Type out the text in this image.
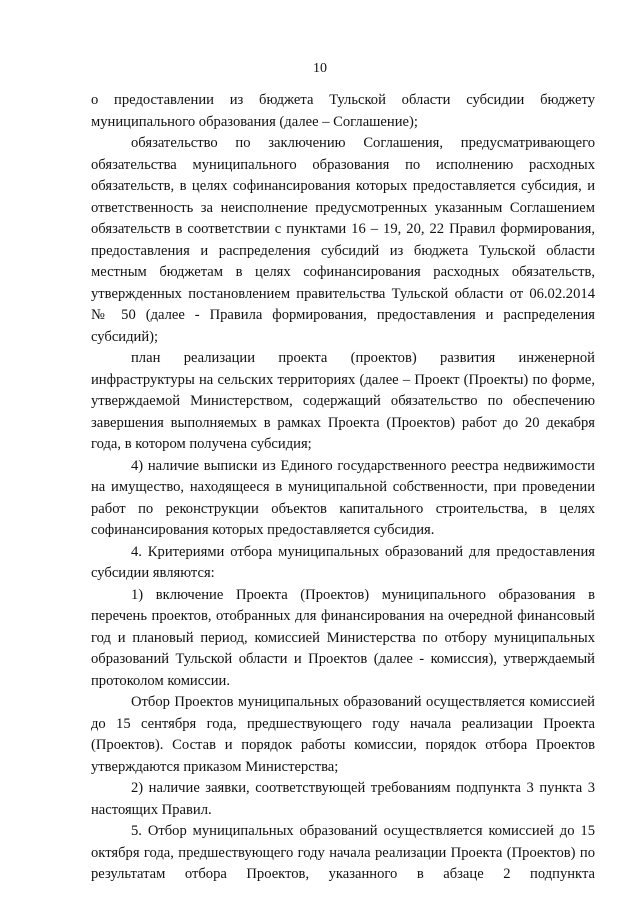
10

о предоставлении из бюджета Тульской области субсидии бюджету муниципального образования (далее – Соглашение);

обязательство по заключению Соглашения, предусматривающего обязательства муниципального образования по исполнению расходных обязательств, в целях софинансирования которых предоставляется субсидия, и ответственность за неисполнение предусмотренных указанным Соглашением обязательств в соответствии с пунктами 16 – 19, 20, 22 Правил формирования, предоставления и распределения субсидий из бюджета Тульской области местным бюджетам в целях софинансирования расходных обязательств, утвержденных постановлением правительства Тульской области от 06.02.2014 № 50 (далее - Правила формирования, предоставления и распределения субсидий);

план реализации проекта (проектов) развития инженерной инфраструктуры на сельских территориях (далее – Проект (Проекты) по форме, утверждаемой Министерством, содержащий обязательство по обеспечению завершения выполняемых в рамках Проекта (Проектов) работ до 20 декабря года, в котором получена субсидия;

4) наличие выписки из Единого государственного реестра недвижимости на имущество, находящееся в муниципальной собственности, при проведении работ по реконструкции объектов капитального строительства, в целях софинансирования которых предоставляется субсидия.

4. Критериями отбора муниципальных образований для предоставления субсидии являются:

1) включение Проекта (Проектов) муниципального образования в перечень проектов, отобранных для финансирования на очередной финансовый год и плановый период, комиссией Министерства по отбору муниципальных образований Тульской области и Проектов (далее - комиссия), утверждаемый протоколом комиссии.

Отбор Проектов муниципальных образований осуществляется комиссией до 15 сентября года, предшествующего году начала реализации Проекта (Проектов). Состав и порядок работы комиссии, порядок отбора Проектов утверждаются приказом Министерства;

2) наличие заявки, соответствующей требованиям подпункта 3 пункта 3 настоящих Правил.

5. Отбор муниципальных образований осуществляется комиссией до 15 октября года, предшествующего году начала реализации Проекта (Проектов) по результатам отбора Проектов, указанного в абзаце 2 подпункта
